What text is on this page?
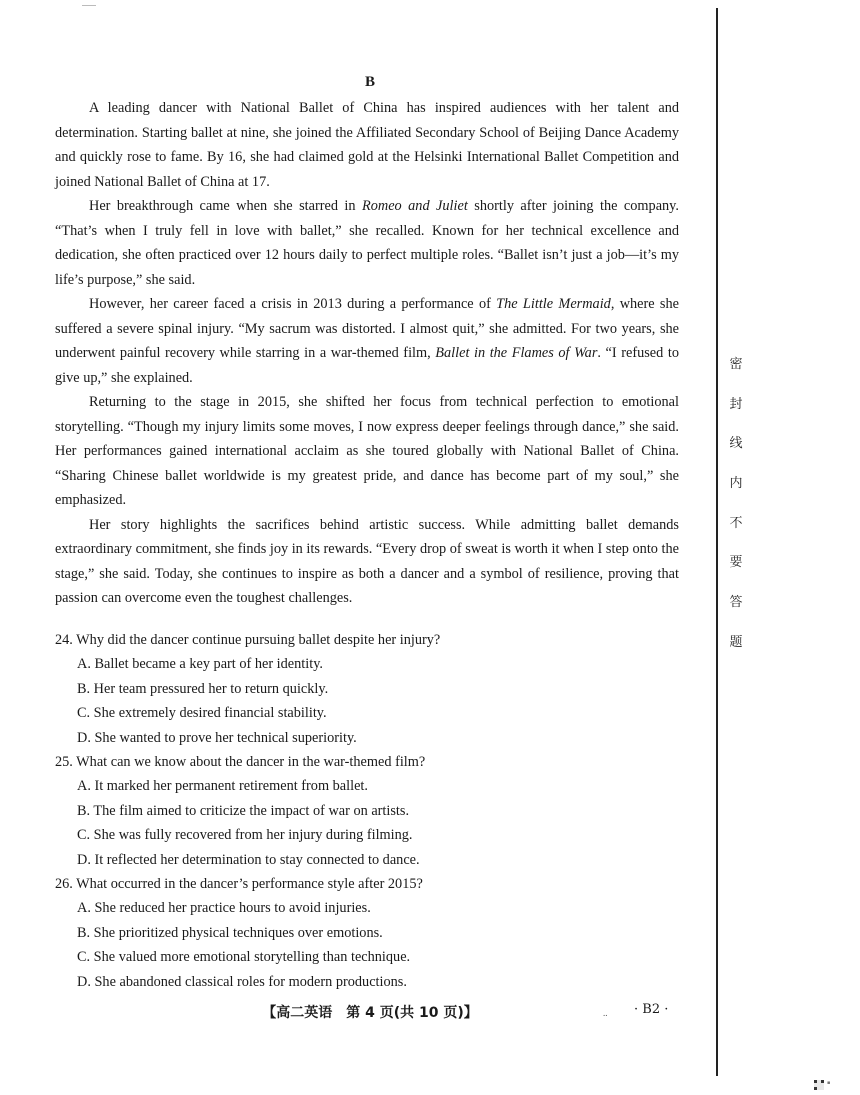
B

A leading dancer with National Ballet of China has inspired audiences with her talent and determination. Starting ballet at nine, she joined the Affiliated Secondary School of Beijing Dance Academy and quickly rose to fame. By 16, she had claimed gold at the Helsinki International Ballet Competition and joined National Ballet of China at 17.

Her breakthrough came when she starred in Romeo and Juliet shortly after joining the company. “That’s when I truly fell in love with ballet,” she recalled. Known for her technical excellence and dedication, she often practiced over 12 hours daily to perfect multiple roles. “Ballet isn’t just a job—it’s my life’s purpose,” she said.

However, her career faced a crisis in 2013 during a performance of The Little Mermaid, where she suffered a severe spinal injury. “My sacrum was distorted. I almost quit,” she admitted. For two years, she underwent painful recovery while starring in a war-themed film, Ballet in the Flames of War. “I refused to give up,” she explained.

Returning to the stage in 2015, she shifted her focus from technical perfection to emotional storytelling. “Though my injury limits some moves, I now express deeper feelings through dance,” she said. Her performances gained international acclaim as she toured globally with National Ballet of China. “Sharing Chinese ballet worldwide is my greatest pride, and dance has become part of my soul,” she emphasized.

Her story highlights the sacrifices behind artistic success. While admitting ballet demands extraordinary commitment, she finds joy in its rewards. “Every drop of sweat is worth it when I step onto the stage,” she said. Today, she continues to inspire as both a dancer and a symbol of resilience, proving that passion can overcome even the toughest challenges.

24. Why did the dancer continue pursuing ballet despite her injury?
A. Ballet became a key part of her identity.
B. Her team pressured her to return quickly.
C. She extremely desired financial stability.
D. She wanted to prove her technical superiority.
25. What can we know about the dancer in the war-themed film?
A. It marked her permanent retirement from ballet.
B. The film aimed to criticize the impact of war on artists.
C. She was fully recovered from her injury during filming.
D. It reflected her determination to stay connected to dance.
26. What occurred in the dancer’s performance style after 2015?
A. She reduced her practice hours to avoid injuries.
B. She prioritized physical techniques over emotions.
C. She valued more emotional storytelling than technique.
D. She abandoned classical roles for modern productions.
【高二英语　第 4 页(共 10 页)】	.. · B2 ·
密
封
线
内
不
要
答
题
▪
